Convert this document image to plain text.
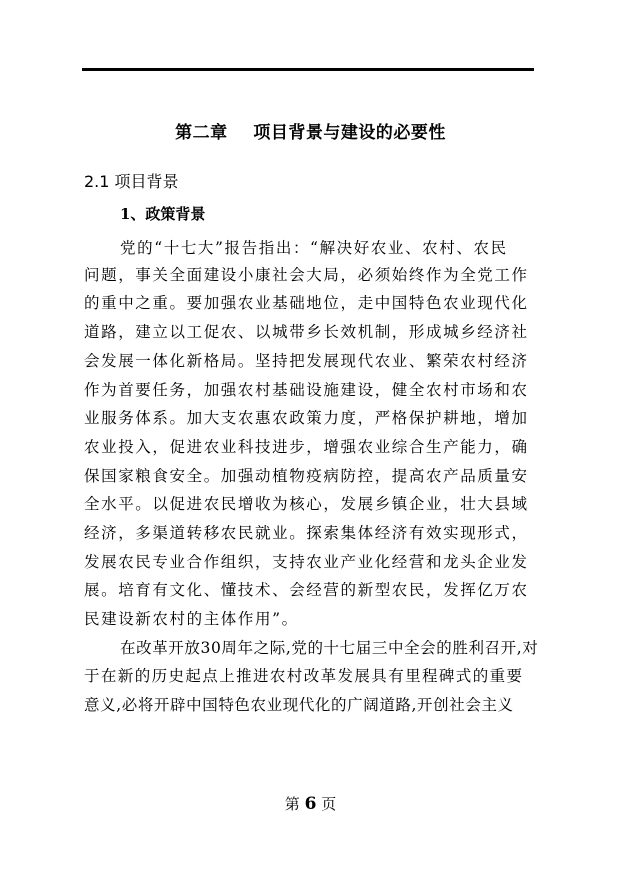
第二章    项目背景与建设的必要性
2.1 项目背景
1、政策背景
党的“十七大”报告指出：“解决好农业、农村、农民
问题，事关全面建设小康社会大局，必须始终作为全党工作
的重中之重。要加强农业基础地位，走中国特色农业现代化
道路，建立以工促农、以城带乡长效机制，形成城乡经济社
会发展一体化新格局。坚持把发展现代农业、繁荣农村经济
作为首要任务，加强农村基础设施建设，健全农村市场和农
业服务体系。加大支农惠农政策力度，严格保护耕地，增加
农业投入，促进农业科技进步，增强农业综合生产能力，确
保国家粮食安全。加强动植物疫病防控，提高农产品质量安
全水平。以促进农民增收为核心，发展乡镇企业，壮大县域
经济，多渠道转移农民就业。探索集体经济有效实现形式，
发展农民专业合作组织，支持农业产业化经营和龙头企业发
展。培育有文化、懂技术、会经营的新型农民，发挥亿万农
民建设新农村的主体作用”。
在改革开放30周年之际,党的十七届三中全会的胜利召开,对
于在新的历史起点上推进农村改革发展具有里程碑式的重要
意义,必将开辟中国特色农业现代化的广阔道路,开创社会主义
第 6 页
